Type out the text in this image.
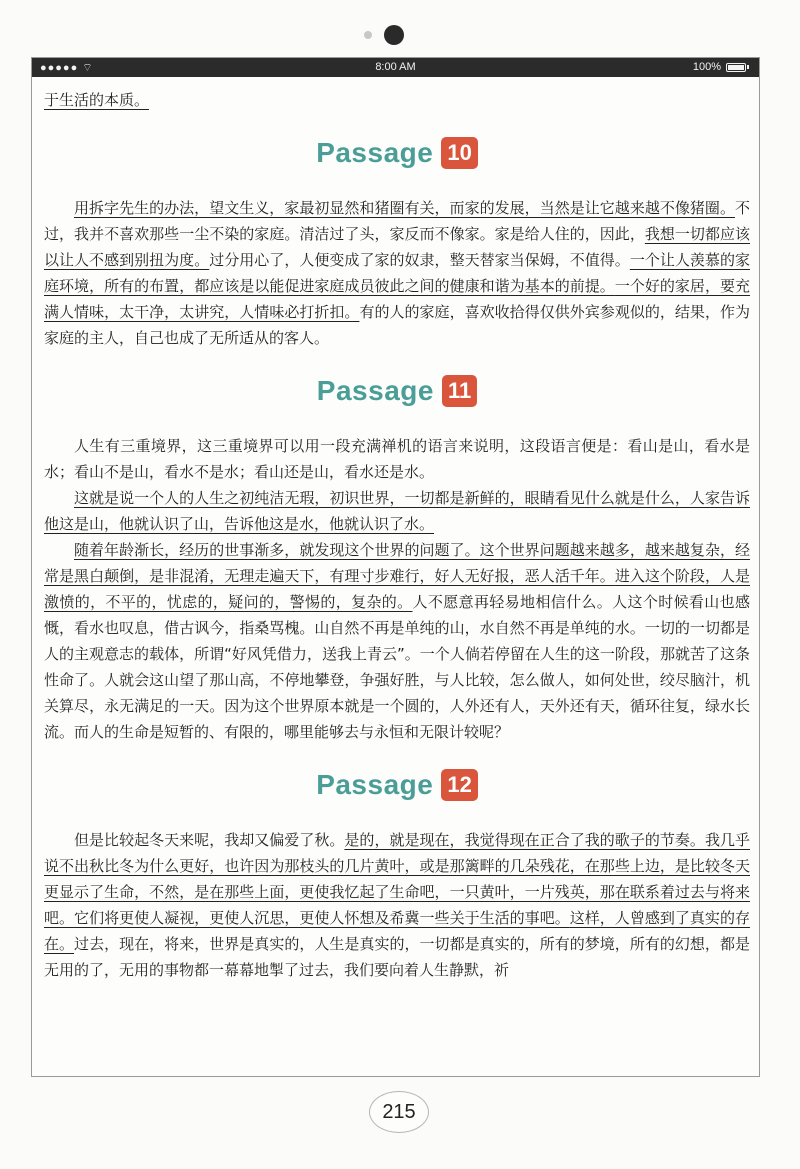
●●●●● ⌔	8:00 AM	100%

于生活的本质。

Passage 10

用拆字先生的办法，望文生义，家最初显然和猪圈有关，而家的发展，当然是让它越来越不像猪圈。不过，我并不喜欢那些一尘不染的家庭。清洁过了头，家反而不像家。家是给人住的，因此，我想一切都应该以让人不感到别扭为度。过分用心了，人便变成了家的奴隶，整天替家当保姆，不值得。一个让人羡慕的家庭环境，所有的布置，都应该是以能促进家庭成员彼此之间的健康和谐为基本的前提。一个好的家居，要充满人情味，太干净，太讲究，人情味必打折扣。有的人的家庭，喜欢收拾得仅供外宾参观似的，结果，作为家庭的主人，自己也成了无所适从的客人。

Passage 11

人生有三重境界，这三重境界可以用一段充满禅机的语言来说明，这段语言便是：看山是山，看水是水；看山不是山，看水不是水；看山还是山，看水还是水。

这就是说一个人的人生之初纯洁无瑕，初识世界，一切都是新鲜的，眼睛看见什么就是什么，人家告诉他这是山，他就认识了山，告诉他这是水，他就认识了水。

随着年龄渐长，经历的世事渐多，就发现这个世界的问题了。这个世界问题越来越多，越来越复杂，经常是黑白颠倒，是非混淆，无理走遍天下，有理寸步难行，好人无好报，恶人活千年。进入这个阶段，人是激愤的，不平的，忧虑的，疑问的，警惕的，复杂的。人不愿意再轻易地相信什么。人这个时候看山也感慨，看水也叹息，借古讽今，指桑骂槐。山自然不再是单纯的山，水自然不再是单纯的水。一切的一切都是人的主观意志的载体，所谓“好风凭借力，送我上青云”。一个人倘若停留在人生的这一阶段，那就苦了这条性命了。人就会这山望了那山高，不停地攀登，争强好胜，与人比较，怎么做人，如何处世，绞尽脑汁，机关算尽，永无满足的一天。因为这个世界原本就是一个圆的，人外还有人，天外还有天，循环往复，绿水长流。而人的生命是短暂的、有限的，哪里能够去与永恒和无限计较呢？

Passage 12

但是比较起冬天来呢，我却又偏爱了秋。是的，就是现在，我觉得现在正合了我的歌子的节奏。我几乎说不出秋比冬为什么更好，也许因为那枝头的几片黄叶，或是那篱畔的几朵残花，在那些上边，是比较冬天更显示了生命，不然，是在那些上面，更使我忆起了生命吧，一只黄叶，一片残英，那在联系着过去与将来吧。它们将更使人凝视，更使人沉思，更使人怀想及希冀一些关于生活的事吧。这样，人曾感到了真实的存在。过去，现在，将来，世界是真实的，人生是真实的，一切都是真实的，所有的梦境，所有的幻想，都是无用的了，无用的事物都一幕幕地掣了过去，我们要向着人生静默，祈

215
